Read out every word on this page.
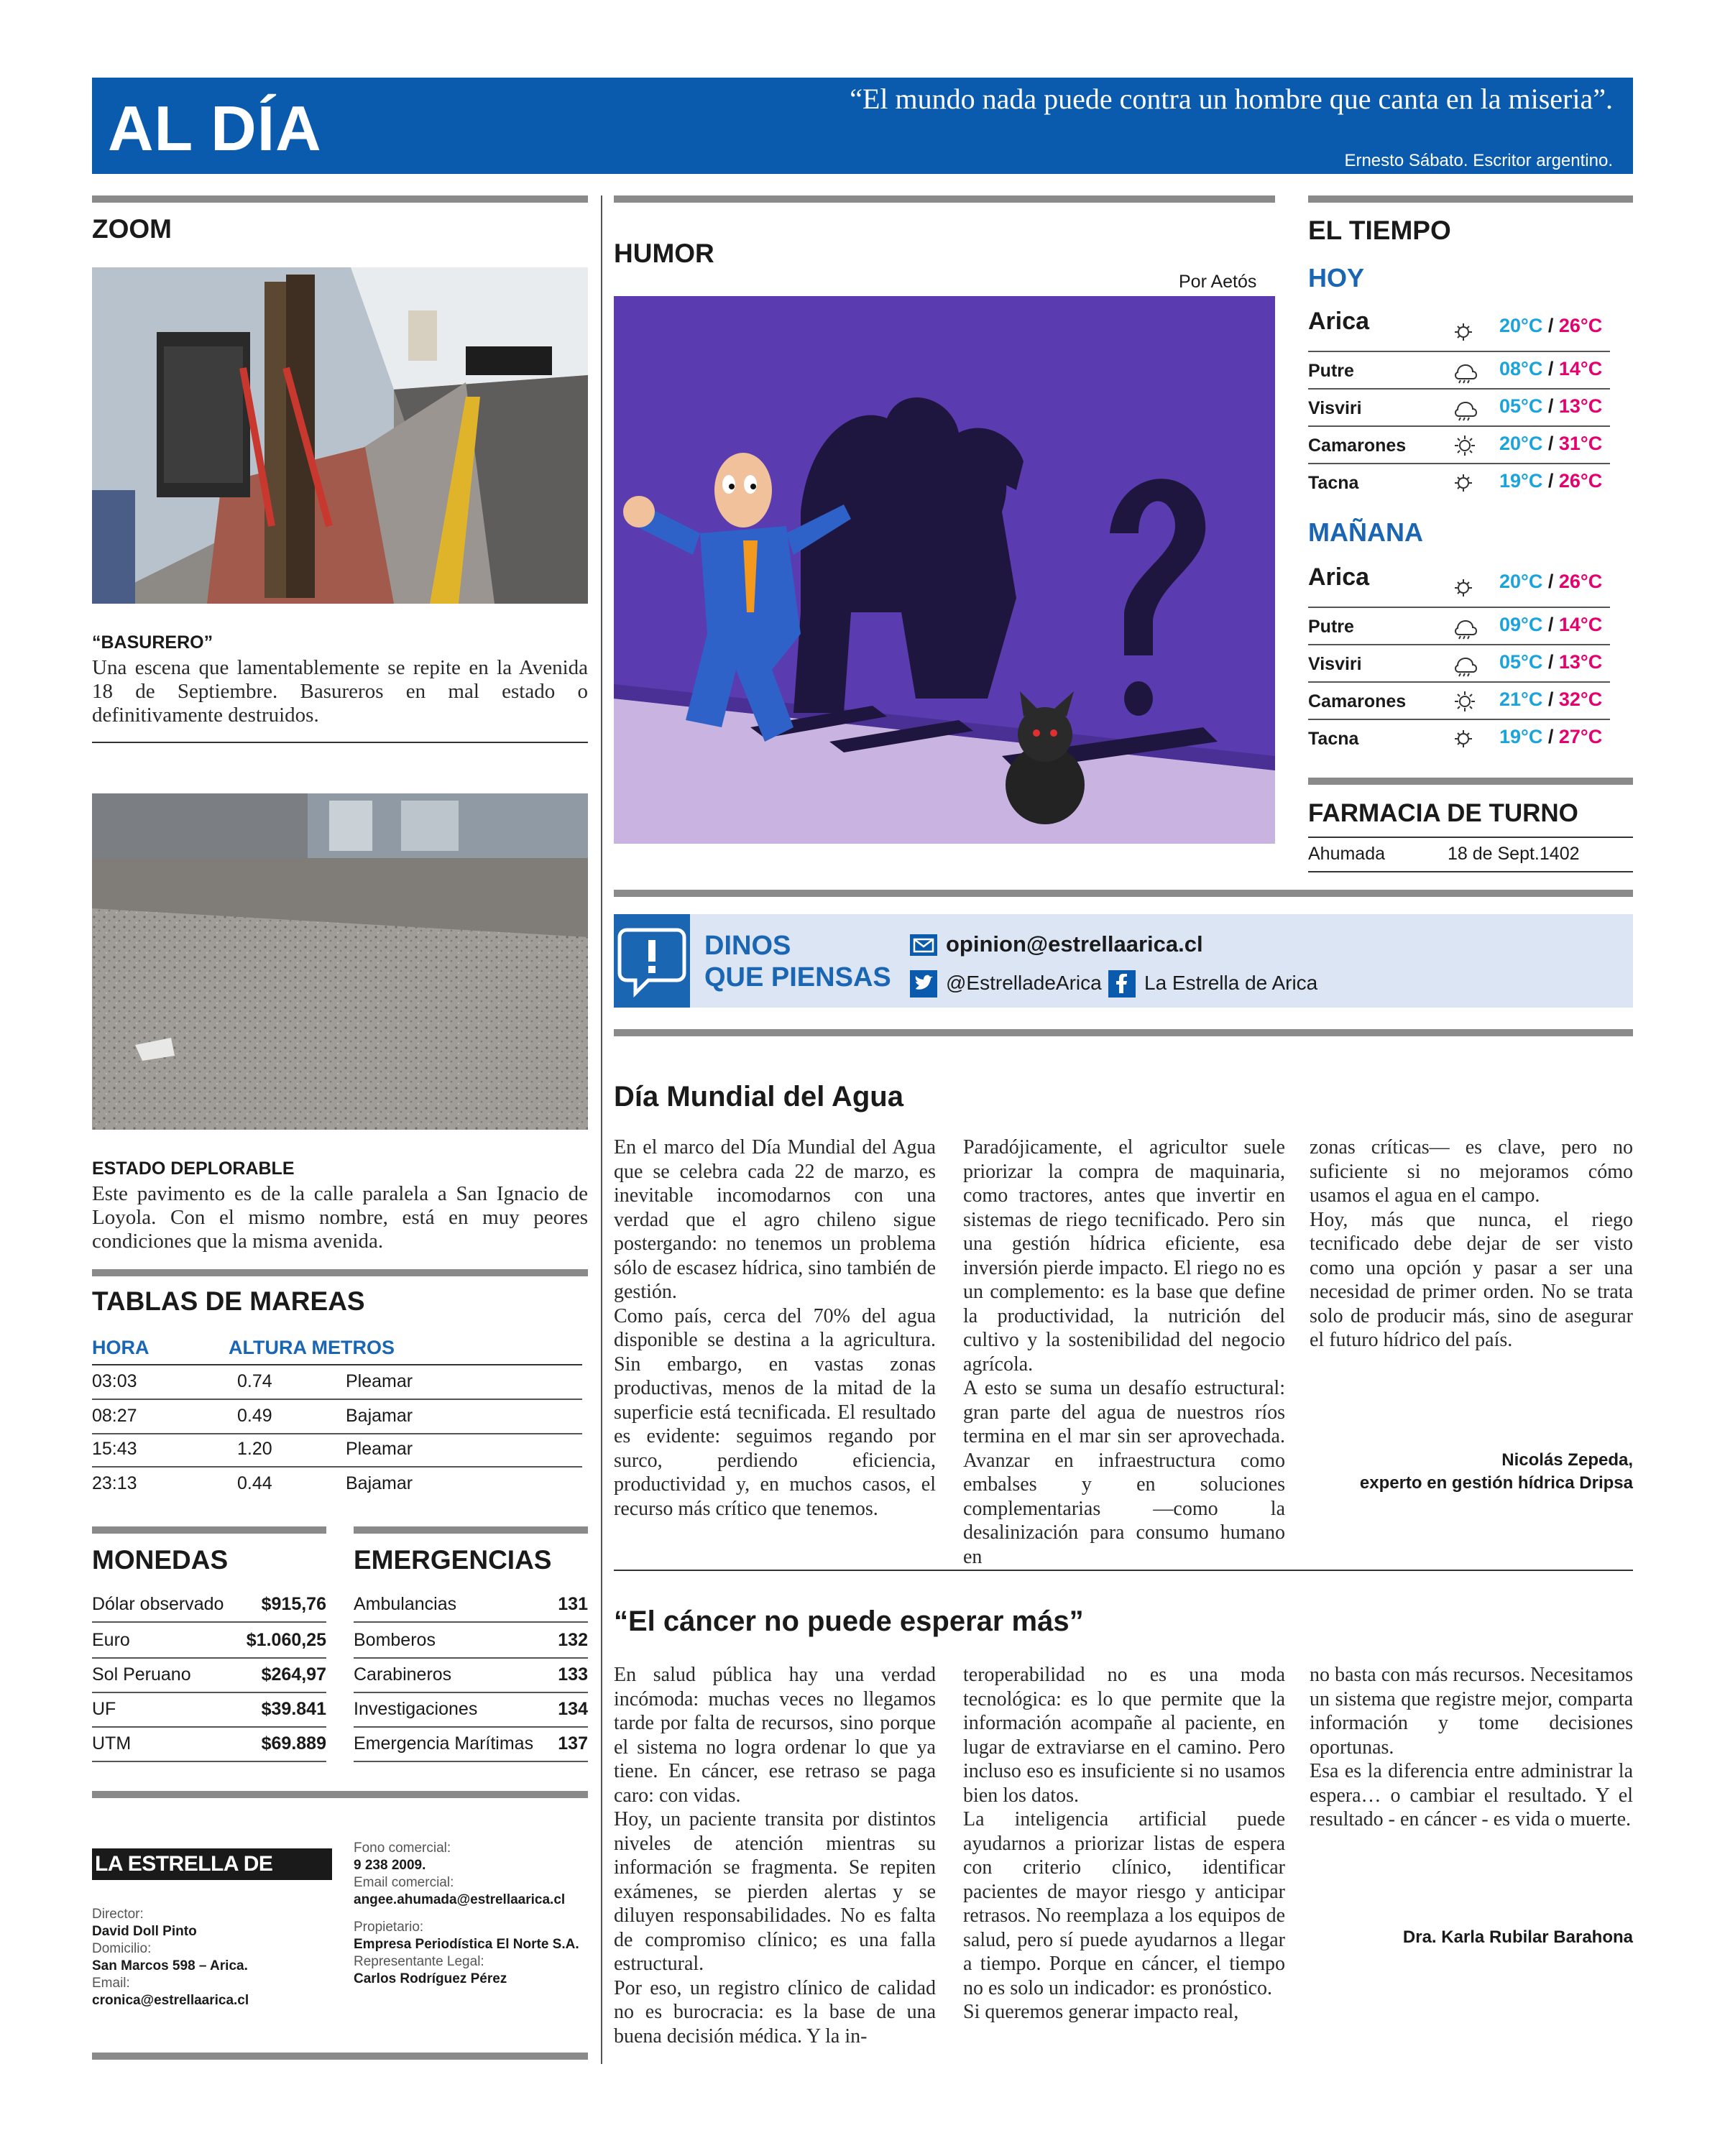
AL DÍA	“El mundo nada puede contra un hombre que canta en la miseria”.
Ernesto Sábato. Escritor argentino.
ZOOM
“BASURERO”
Una escena que lamentablemente se repite en la Avenida 18 de Septiembre. Basureros en mal estado o definitivamente destruidos.
ESTADO DEPLORABLE
Este pavimento es de la calle paralela a San Ignacio de Loyola. Con el mismo nombre, está en muy peores condiciones que la misma avenida.
TABLAS DE MAREAS
HORA	ALTURA METROS
03:03	0.74	Pleamar
08:27	0.49	Bajamar
15:43	1.20	Pleamar
23:13	0.44	Bajamar
MONEDAS
Dólar observado $915,76
Euro	$1.060,25
Sol Peruano	$264,97
UF	$39.841
UTM	$69.889
EMERGENCIAS
Ambulancias	131
Bomberos	132
Carabineros	133
Investigaciones	134
Emergencia Marítimas 137
LA ESTRELLA DE ARICA
Director:
David Doll Pinto
Domicilio:
San Marcos 598 – Arica.
Email:
cronica@estrellaarica.cl
Fono comercial:
9 238 2009.
Email comercial:
angee.ahumada@estrellaarica.cl
Propietario:
Empresa Periodística El Norte S.A.
Representante Legal:
Carlos Rodríguez Pérez
HUMOR
Por Aetós
EL TIEMPO
HOY
Arica	20°C / 26°C
Putre	08°C / 14°C
Visviri	05°C / 13°C
Camarones	20°C / 31°C
Tacna	19°C / 26°C
MAÑANA
Arica	20°C / 26°C
Putre	09°C / 14°C
Visviri	05°C / 13°C
Camarones	21°C / 32°C
Tacna	19°C / 27°C
FARMACIA DE TURNO
Ahumada	18 de Sept.1402
DINOS
QUE PIENSAS
opinion@estrellaarica.cl
@EstrelladeArica La Estrella de Arica
Día Mundial del Agua
En el marco del Día Mundial del Agua que se celebra cada 22 de marzo, es inevitable incomodarnos con una verdad que el agro chileno sigue postergando: no tenemos un problema sólo de escasez hídrica, sino también de gestión.
Como país, cerca del 70% del agua disponible se destina a la agricultura. Sin embargo, en vastas zonas productivas, menos de la mitad de la superficie está tecnificada. El resultado es evidente: seguimos regando por surco, perdiendo eficiencia, productividad y, en muchos casos, el recurso más crítico que tenemos.
Paradójicamente, el agricultor suele priorizar la compra de maquinaria, como tractores, antes que invertir en sistemas de riego tecnificado. Pero sin una gestión hídrica eficiente, esa inversión pierde impacto. El riego no es un complemento: es la base que define la productividad, la nutrición del cultivo y la sostenibilidad del negocio agrícola.
A esto se suma un desafío estructural: gran parte del agua de nuestros ríos termina en el mar sin ser aprovechada. Avanzar en infraestructura como embalses y en soluciones complementarias —como la desalinización para consumo humano en
zonas críticas— es clave, pero no suficiente si no mejoramos cómo usamos el agua en el campo.
Hoy, más que nunca, el riego tecnificado debe dejar de ser visto como una opción y pasar a ser una necesidad de primer orden. No se trata solo de producir más, sino de asegurar el futuro hídrico del país.
Nicolás Zepeda,
experto en gestión hídrica Dripsa
“El cáncer no puede esperar más”
En salud pública hay una verdad incómoda: muchas veces no llegamos tarde por falta de recursos, sino porque el sistema no logra ordenar lo que ya tiene. En cáncer, ese retraso se paga caro: con vidas.
Hoy, un paciente transita por distintos niveles de atención mientras su información se fragmenta. Se repiten exámenes, se pierden alertas y se diluyen responsabilidades. No es falta de compromiso clínico; es una falla estructural.
Por eso, un registro clínico de calidad no es burocracia: es la base de una buena decisión médica. Y la in-
teroperabilidad no es una moda tecnológica: es lo que permite que la información acompañe al paciente, en lugar de extraviarse en el camino. Pero incluso eso es insuficiente si no usamos bien los datos.
La inteligencia artificial puede ayudarnos a priorizar listas de espera con criterio clínico, identificar pacientes de mayor riesgo y anticipar retrasos. No reemplaza a los equipos de salud, pero sí puede ayudarnos a llegar a tiempo. Porque en cáncer, el tiempo no es solo un indicador: es pronóstico.
Si queremos generar impacto real,
no basta con más recursos. Necesitamos un sistema que registre mejor, comparta información y tome decisiones oportunas.
Esa es la diferencia entre administrar la espera… o cambiar el resultado. Y el resultado - en cáncer - es vida o muerte.
Dra. Karla Rubilar Barahona
